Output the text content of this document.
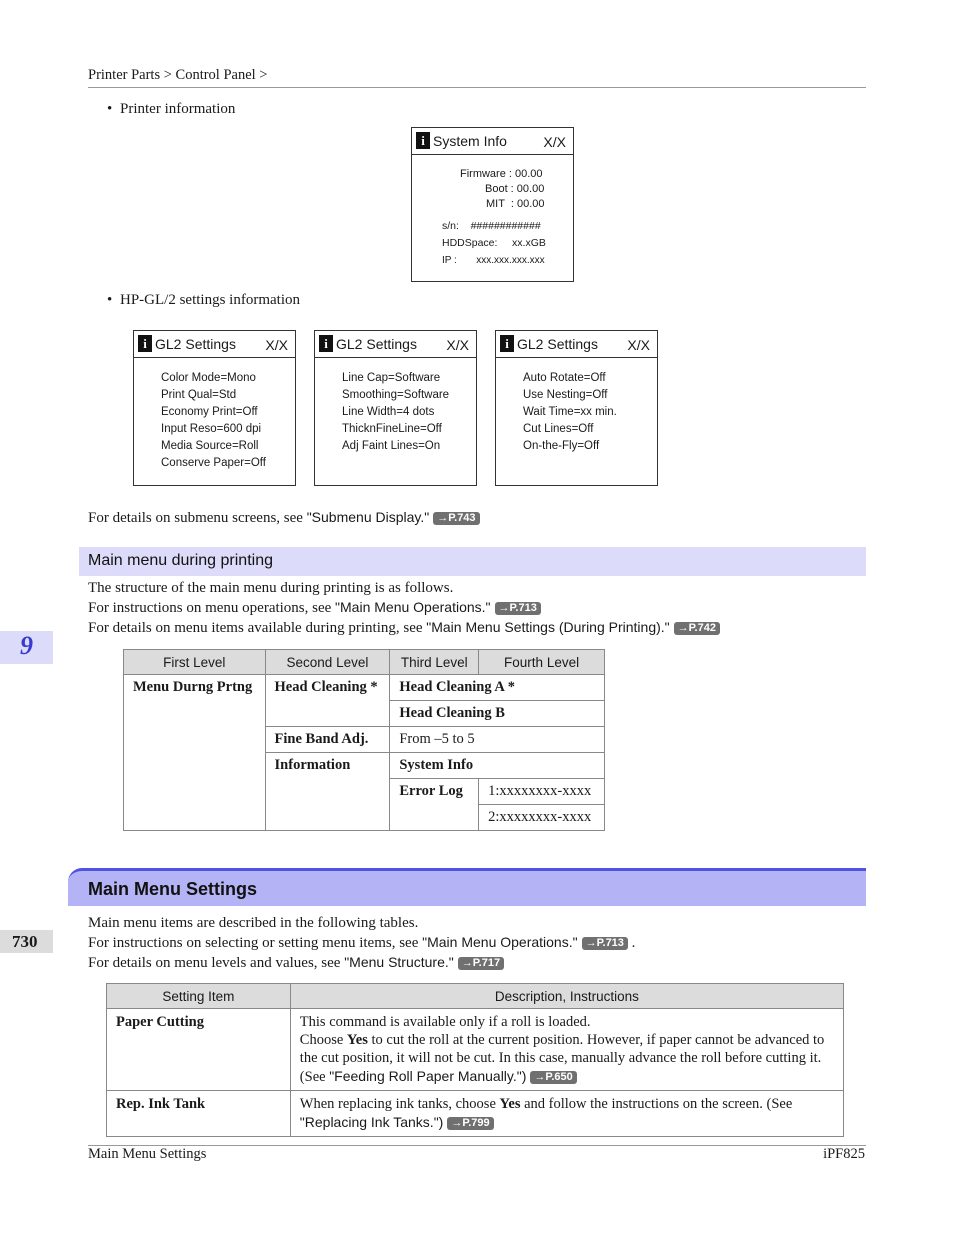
Printer Parts > Control Panel >
• Printer information
i System Info	X/X
Firmware : 00.00
Boot : 00.00
MIT  : 00.00
s/n:    ############
HDDSpace:     xx.xGB
IP :       xxx.xxx.xxx.xxx
• HP-GL/2 settings information
i GL2 Settings X/X
Color Mode=Mono
Print Qual=Std
Economy Print=Off
Input Reso=600 dpi
Media Source=Roll
Conserve Paper=Off
i GL2 Settings X/X
Line Cap=Software
Smoothing=Software
Line Width=4 dots
ThicknFineLine=Off
Adj Faint Lines=On
i GL2 Settings X/X
Auto Rotate=Off
Use Nesting=Off
Wait Time=xx min.
Cut Lines=Off
On-the-Fly=Off
For details on submenu screens, see "Submenu Display." →P.743
Main menu during printing
The structure of the main menu during printing is as follows.
For instructions on menu operations, see "Main Menu Operations." →P.713
For details on menu items available during printing, see "Main Menu Settings (During Printing)." →P.742
9
First Level	Second Level	Third Level	Fourth Level
Menu Durng Prtng	Head Cleaning *	Head Cleaning A *	
		Head Cleaning B	
	Fine Band Adj.	From –5 to 5	
	Information	System Info	
		Error Log	1:xxxxxxxx-xxxx
			2:xxxxxxxx-xxxx
Main Menu Settings
730
Main menu items are described in the following tables.
For instructions on selecting or setting menu items, see "Main Menu Operations." →P.713 .
For details on menu levels and values, see "Menu Structure." →P.717
Setting Item	Description, Instructions
Paper Cutting	This command is available only if a roll is loaded.
Choose Yes to cut the roll at the current position. However, if paper cannot be advanced to the cut position, it will not be cut. In this case, manually advance the roll before cutting it. (See "Feeding Roll Paper Manually.") →P.650

Rep. Ink Tank	When replacing ink tanks, choose Yes and follow the instructions on the screen. (See "Replacing Ink Tanks.") →P.799
Main Menu Settings	iPF825
